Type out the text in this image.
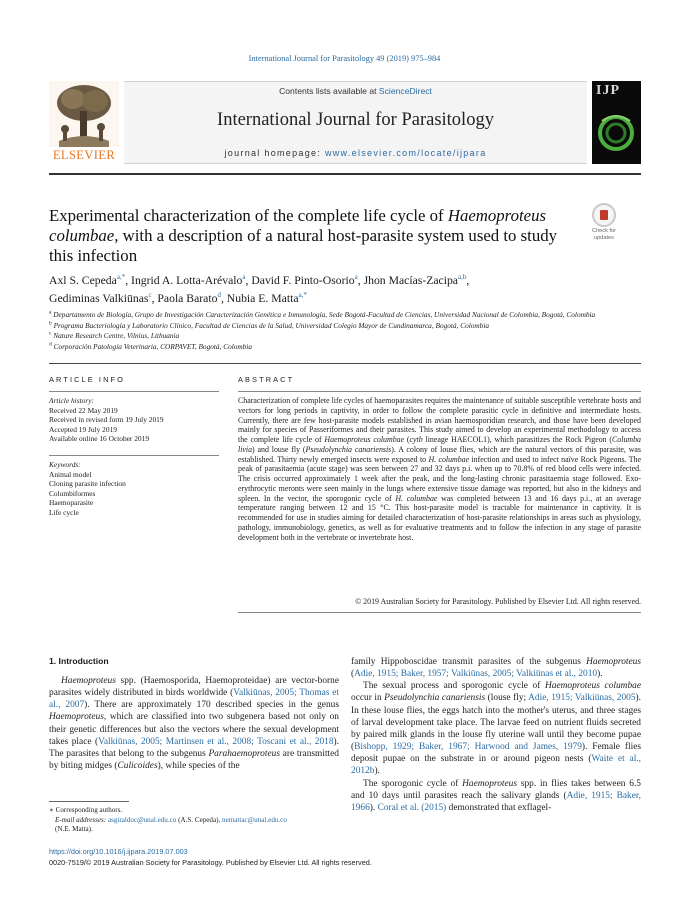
International Journal for Parasitology 49 (2019) 975–984
ELSEVIER
Contents lists available at ScienceDirect
International Journal for Parasitology
journal homepage: www.elsevier.com/locate/ijpara
IJP
Experimental characterization of the complete life cycle of Haemoproteus columbae, with a description of a natural host-parasite system used to study this infection
Check for
updates
Axl S. Cepeda$^{a,*}$, Ingrid A. Lotta-Arévalo$^a$, David F. Pinto-Osorio$^a$, Jhon Macías-Zacipa$^{a,b}$,
Gediminas Valkiūnas$^c$, Paola Barato$^d$, Nubia E. Matta$^{a,*}$
$^a$ Departamento de Biología, Grupo de Investigación Caracterización Genética e Inmunología, Sede Bogotá-Facultad de Ciencias, Universidad Nacional de Colombia, Bogotá, Colombia
$^b$ Programa Bacteriología y Laboratorio Clínico, Facultad de Ciencias de la Salud, Universidad Colegio Mayor de Cundinamarca, Bogotá, Colombia
$^c$ Nature Research Centre, Vilnius, Lithuania
$^d$ Corporación Patología Veterinaria, CORPAVET, Bogotá, Colombia
ARTICLE INFO
Article history:
Received 22 May 2019
Received in revised form 19 July 2019
Accepted 19 July 2019
Available online 16 October 2019
Keywords:
Animal model
Cloning parasite infection
Columbiformes
Haemoparasite
Life cycle
ABSTRACT
Characterization of complete life cycles of haemoparasites requires the maintenance of suitable susceptible vertebrate hosts and vectors for long periods in captivity, in order to follow the complete parasitic cycle in definitive and intermediate hosts. Currently, there are few host-parasite models established in avian haemosporidian research, and those have been developed mainly for species of Passeriformes and their parasites. This study aimed to develop an experimental methodology to access the complete life cycle of Haemoproteus columbae (cytb lineage HAECOL1), which parasitizes the Rock Pigeon (Columba livia) and louse fly (Pseudolynchia canariensis). A colony of louse flies, which are the natural vectors of this parasite, was established. Thirty newly emerged insects were exposed to H. columbae infection and used to infect naïve Rock Pigeons. The peak of parasitaemia (acute stage) was seen between 27 and 32 days p.i. when up to 70.8% of red blood cells were infected. The crisis occurred approximately 1 week after the peak, and the long-lasting chronic parasitaemia stage followed. Exo-erythrocytic meronts were seen mainly in the lungs where extensive tissue damage was reported, but also in the kidneys and spleen. In the vector, the sporogonic cycle of H. columbae was completed between 13 and 16 days p.i., at an average temperature ranging between 12 and 15 °C. This host-parasite model is tractable for maintenance in captivity. It is recommended for use in studies aiming for detailed characterization of host-parasite relationships in areas such as physiology, pathology, immunobiology, genetics, as well as for evaluative treatments and to follow the infection in any stage of parasite development both in the vertebrate or invertebrate host.
© 2019 Australian Society for Parasitology. Published by Elsevier Ltd. All rights reserved.
1. Introduction

Haemoproteus spp. (Haemosporida, Haemoproteidae) are vector-borne parasites widely distributed in birds worldwide (Valkiūnas, 2005; Thomas et al., 2007). There are approximately 170 described species in the genus Haemoproteus, which are classified into two subgenera based not only on their genetic differences but also the vectors where the sexual development takes place (Valkiūnas, 2005; Martinsen et al., 2008; Toscani et al., 2018). The parasites that belong to the subgenus Parahaemoproteus are transmitted by biting midges (Culicoides), while species of the

family Hippoboscidae transmit parasites of the subgenus Haemoproteus (Adie, 1915; Baker, 1957; Valkiūnas, 2005; Valkiūnas et al., 2010).

The sexual process and sporogonic cycle of Haemoproteus columbae occur in Pseudolynchia canariensis (louse fly; Adie, 1915; Valkiūnas, 2005). In these louse flies, the eggs hatch into the mother's uterus, and three stages of larval development take place. The larvae feed on nutrient fluids secreted by paired milk glands in the louse fly uterine wall until they become pupae (Bishopp, 1929; Baker, 1967; Harwood and James, 1979). Female flies deposit pupae on the substrate in or around pigeon nests (Waite et al., 2012b).

The sporogonic cycle of Haemoproteus spp. in flies takes between 6.5 and 10 days until parasites reach the salivary glands (Adie, 1915; Baker, 1966). Coral et al. (2015) demonstrated that exflagel-

∗ Corresponding authors.
E-mail addresses: asgiraldoc@unal.edu.co (A.S. Cepeda), nemattac@unal.edu.co
(N.E. Matta).
https://doi.org/10.1016/j.ijpara.2019.07.003
0020-7519/© 2019 Australian Society for Parasitology. Published by Elsevier Ltd. All rights reserved.
